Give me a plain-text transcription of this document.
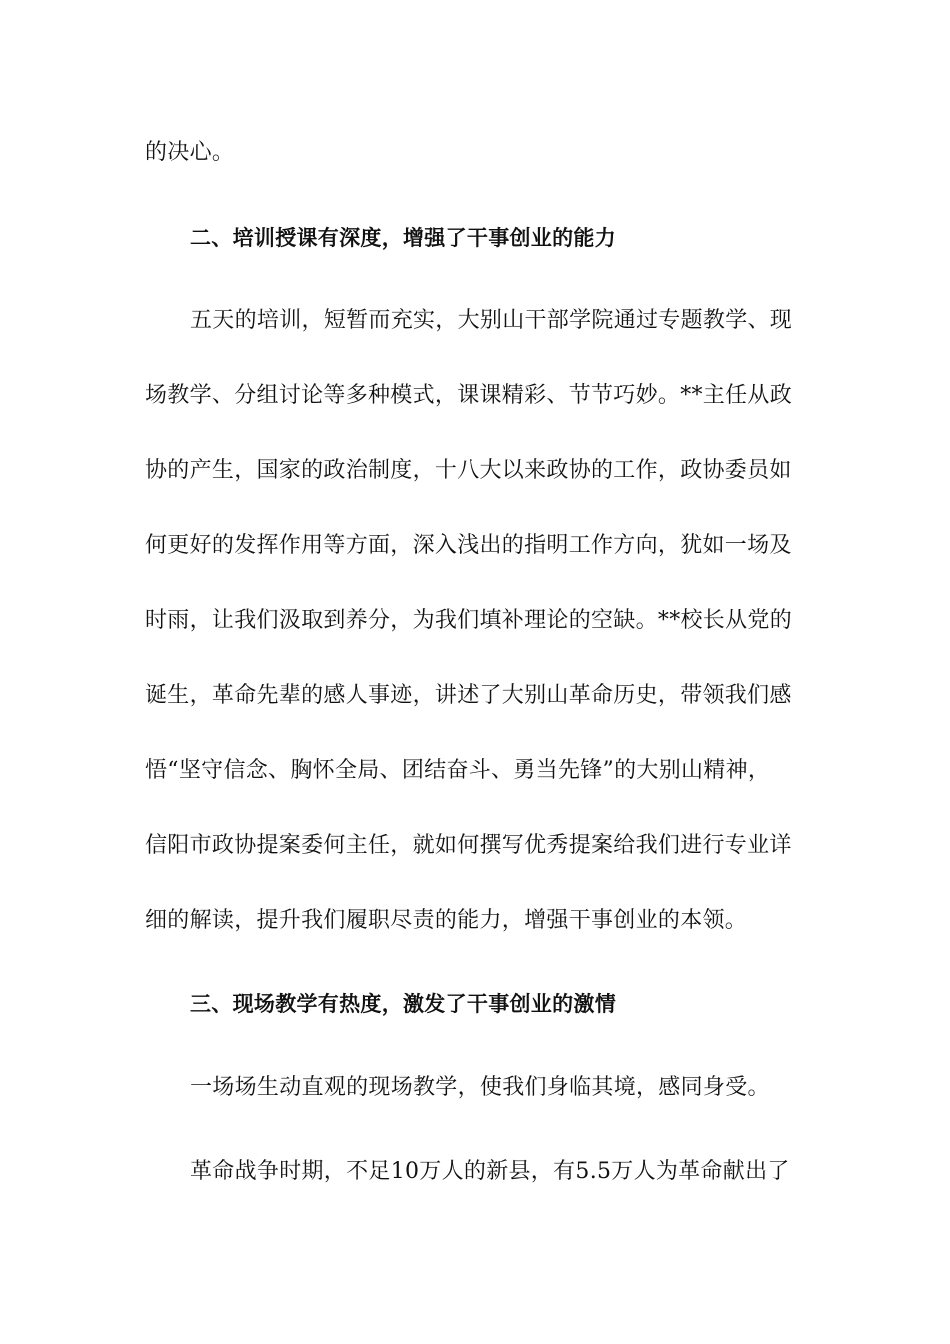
的决心。
二、培训授课有深度，增强了干事创业的能力
五天的培训，短暂而充实，大别山干部学院通过专题教学、现
场教学、分组讨论等多种模式，课课精彩、节节巧妙。**主任从政
协的产生，国家的政治制度，十八大以来政协的工作，政协委员如
何更好的发挥作用等方面，深入浅出的指明工作方向，犹如一场及
时雨，让我们汲取到养分，为我们填补理论的空缺。**校长从党的
诞生，革命先辈的感人事迹，讲述了大别山革命历史，带领我们感
悟“坚守信念、胸怀全局、团结奋斗、勇当先锋”的大别山精神，
信阳市政协提案委何主任，就如何撰写优秀提案给我们进行专业详
细的解读，提升我们履职尽责的能力，增强干事创业的本领。
三、现场教学有热度，激发了干事创业的激情
一场场生动直观的现场教学，使我们身临其境，感同身受。
革命战争时期，不足10万人的新县，有5.5万人为革命献出了
